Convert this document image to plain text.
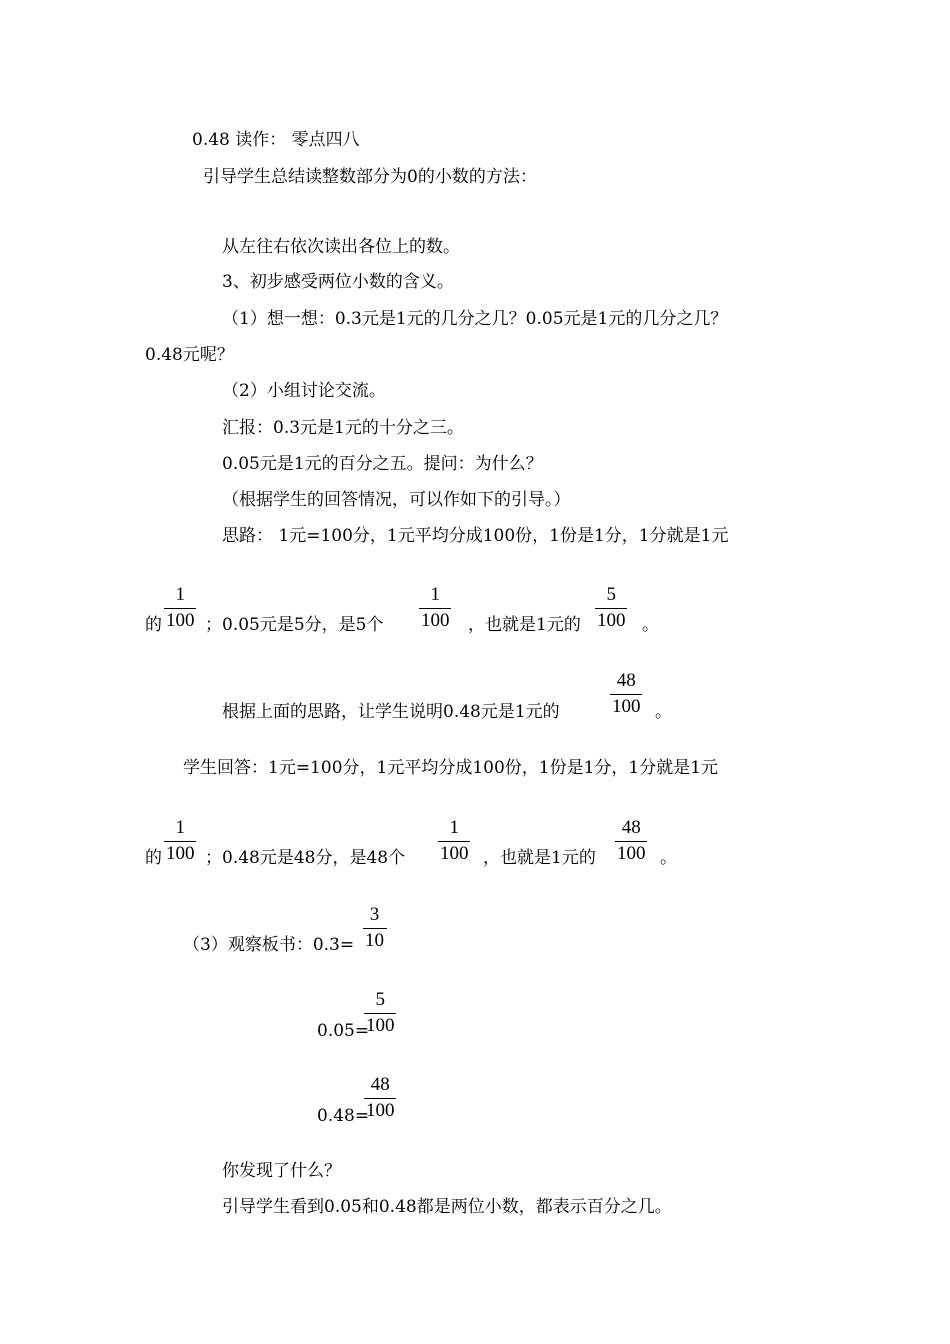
0.48 读作： 零点四八
引导学生总结读整数部分为0的小数的方法：
从左往右依次读出各位上的数。
3、初步感受两位小数的含义。
（1）想一想：0.3元是1元的几分之几？0.05元是1元的几分之几？
0.48元呢？
（2）小组讨论交流。
汇报：0.3元是1元的十分之三。
0.05元是1元的百分之五。提问：为什么？
（根据学生的回答情况，可以作如下的引导。）
思路： 1元=100分，1元平均分成100份，1份是1分，1分就是1元
的
1
100 ；0.05元是5分，是5个
1
100 ，也就是1元的
5
100 。
根据上面的思路，让学生说明0.48元是1元的
48
100 。
学生回答：1元=100分，1元平均分成100份，1份是1分，1分就是1元
的
1
100 ；0.48元是48分，是48个
1
100 ，也就是1元的
48
100 。
（3）观察板书：0.3=
3
10
0.05=
5
100
0.48=
48
100
你发现了什么？
引导学生看到0.05和0.48都是两位小数，都表示百分之几。
